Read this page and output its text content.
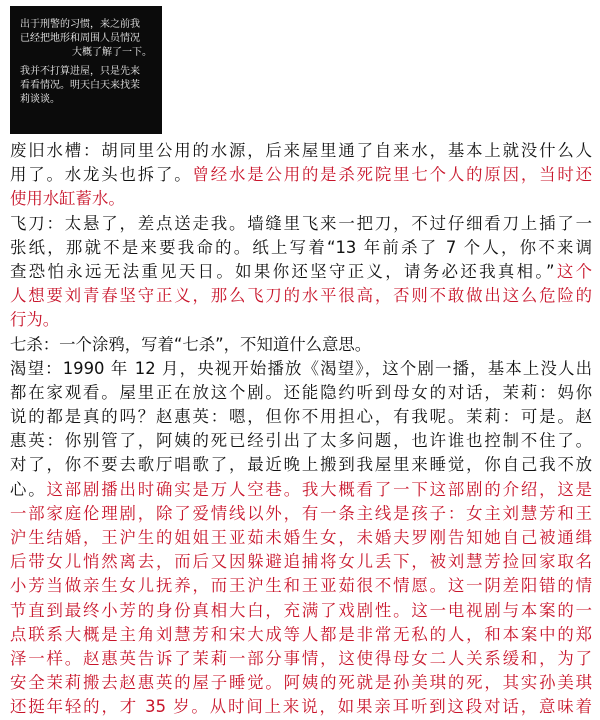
出于刑警的习惯，来之前我
已经把地形和周围人员情况
大概了解了一下。
我并不打算进屋，只是先来
看看情况。明天白天来找茉
莉谈谈。
废旧水槽：胡同里公用的水源，后来屋里通了自来水，基本上就没什么人
用了。水龙头也拆了。曾经水是公用的是杀死院里七个人的原因，当时还
使用水缸蓄水。
飞刀：太悬了，差点送走我。墙缝里飞来一把刀，不过仔细看刀上插了一
张纸，那就不是来要我命的。纸上写着“13 年前杀了 7 个人，你不来调
查恐怕永远无法重见天日。如果你还坚守正义，请务必还我真相。”这个
人想要刘青春坚守正义，那么飞刀的水平很高，否则不敢做出这么危险的
行为。
七杀：一个涂鸦，写着“七杀”，不知道什么意思。
渴望：1990 年 12 月，央视开始播放《渴望》，这个剧一播，基本上没人出
都在家观看。屋里正在放这个剧。还能隐约听到母女的对话，茉莉：妈你
说的都是真的吗？赵惠英：嗯，但你不用担心，有我呢。茉莉：可是。赵
惠英：你别管了，阿姨的死已经引出了太多问题，也许谁也控制不住了。
对了，你不要去歌厅唱歌了，最近晚上搬到我屋里来睡觉，你自己我不放
心。这部剧播出时确实是万人空巷。我大概看了一下这部剧的介绍，这是
一部家庭伦理剧，除了爱情线以外，有一条主线是孩子：女主刘慧芳和王
沪生结婚，王沪生的姐姐王亚茹未婚生女，未婚夫罗刚告知她自己被通缉
后带女儿悄然离去，而后又因躲避追捕将女儿丢下，被刘慧芳捡回家取名
小芳当做亲生女儿抚养，而王沪生和王亚茹很不情愿。这一阴差阳错的情
节直到最终小芳的身份真相大白，充满了戏剧性。这一电视剧与本案的一
点联系大概是主角刘慧芳和宋大成等人都是非常无私的人，和本案中的郑
泽一样。赵惠英告诉了茉莉一部分事情，这使得母女二人关系缓和，为了
安全茉莉搬去赵惠英的屋子睡觉。阿姨的死就是孙美琪的死，其实孙美琪
还挺年轻的，才 35 岁。从时间上来说，如果亲耳听到这段对话，意味着
